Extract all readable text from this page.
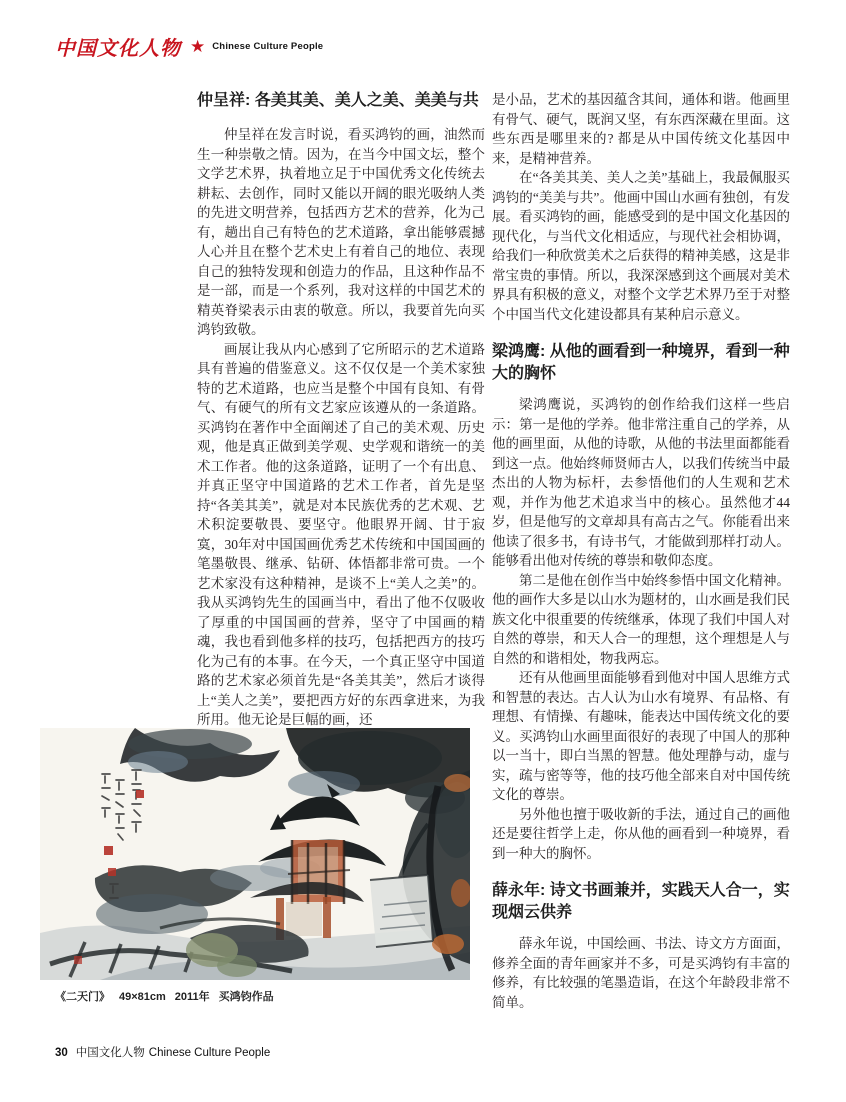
中国文化人物 ★ Chinese Culture People
仲呈祥: 各美其美、美人之美、美美与共

仲呈祥在发言时说，看买鸿钧的画，油然而生一种崇敬之情。因为，在当今中国文坛，整个文学艺术界，执着地立足于中国优秀文化传统去耕耘、去创作，同时又能以开阔的眼光吸纳人类的先进文明营养，包括西方艺术的营养，化为己有，趟出自己有特色的艺术道路，拿出能够震撼人心并且在整个艺术史上有着自己的地位、表现自己的独特发现和创造力的作品，且这种作品不是一部，而是一个系列，我对这样的中国艺术的精英脊梁表示由衷的敬意。所以，我要首先向买鸿钧致敬。

画展让我从内心感到了它所昭示的艺术道路具有普遍的借鉴意义。这不仅仅是一个美术家独特的艺术道路，也应当是整个中国有良知、有骨气、有硬气的所有文艺家应该遵从的一条道路。买鸿钧在著作中全面阐述了自己的美术观、历史观，他是真正做到美学观、史学观和谐统一的美术工作者。他的这条道路，证明了一个有出息、并真正坚守中国道路的艺术工作者，首先是坚持“各美其美”，就是对本民族优秀的艺术观、艺术积淀要敬畏、要坚守。他眼界开阔、甘于寂寞，30年对中国国画优秀艺术传统和中国国画的笔墨敬畏、继承、钻研、体悟都非常可贵。一个艺术家没有这种精神，是谈不上“美人之美”的。我从买鸿钧先生的国画当中，看出了他不仅吸收了厚重的中国国画的营养，坚守了中国画的精魂，我也看到他多样的技巧，包括把西方的技巧化为己有的本事。在今天，一个真正坚守中国道路的艺术家必须首先是“各美其美”，然后才谈得上“美人之美”，要把西方好的东西拿进来，为我所用。他无论是巨幅的画，还

是小品，艺术的基因蕴含其间，通体和谐。他画里有骨气、硬气，既润又坚，有东西深藏在里面。这些东西是哪里来的? 都是从中国传统文化基因中来，是精神营养。

在“各美其美、美人之美”基础上，我最佩服买鸿钧的“美美与共”。他画中国山水画有独创，有发展。看买鸿钧的画，能感受到的是中国文化基因的现代化，与当代文化相适应，与现代社会相协调，给我们一种欣赏美术之后获得的精神美感，这是非常宝贵的事情。所以，我深深感到这个画展对美术界具有积极的意义，对整个文学艺术界乃至于对整个中国当代文化建设都具有某种启示意义。

梁鸿鹰: 从他的画看到一种境界，看到一种大的胸怀

梁鸿鹰说，买鸿钧的创作给我们这样一些启示：第一是他的学养。他非常注重自己的学养，从他的画里面，从他的诗歌，从他的书法里面都能看到这一点。他始终师贤师古人，以我们传统当中最杰出的人物为标杆，去参悟他们的人生观和艺术观，并作为他艺术追求当中的核心。虽然他才44岁，但是他写的文章却具有高古之气。你能看出来他读了很多书，有诗书气，才能做到那样打动人。能够看出他对传统的尊崇和敬仰态度。

第二是他在创作当中始终参悟中国文化精神。他的画作大多是以山水为题材的，山水画是我们民族文化中很重要的传统继承，体现了我们中国人对自然的尊崇，和天人合一的理想，这个理想是人与自然的和谐相处，物我两忘。

还有从他画里面能够看到他对中国人思维方式和智慧的表达。古人认为山水有境界、有品格、有理想、有情操、有趣味，能表达中国传统文化的要义。买鸿钧山水画里面很好的表现了中国人的那种以一当十，即白当黑的智慧。他处理静与动，虚与实，疏与密等等，他的技巧他全部来自对中国传统文化的尊崇。

另外他也擅于吸收新的手法，通过自己的画他还是要往哲学上走，你从他的画看到一种境界，看到一种大的胸怀。

薛永年: 诗文书画兼并，实践天人合一，实现烟云供养

薛永年说，中国绘画、书法、诗文方方面面，修养全面的青年画家并不多，可是买鸿钧有丰富的修养，有比较强的笔墨造诣，在这个年龄段非常不简单。

《二天门》 49×81cm 2011年 买鸿钧作品
30 中国文化人物 Chinese Culture People
